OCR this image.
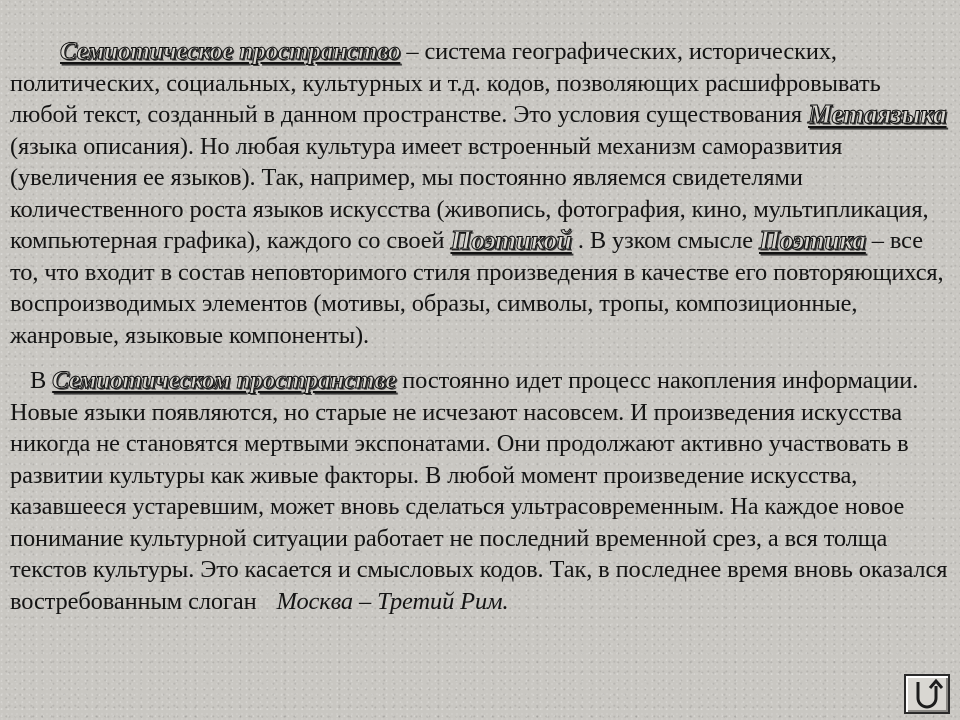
Семиотическое пространство – система географических, исторических, политических, социальных, культурных и т.д. кодов, позволяющих расшифровывать любой текст, созданный в данном пространстве. Это условия существования Метаязыка (языка описания). Но любая культура имеет встроенный механизм саморазвития (увеличения ее языков). Так, например, мы постоянно являемся свидетелями количественного роста языков искусства (живопись, фотография, кино, мультипликация, компьютерная графика), каждого со своей Поэтикой . В узком смысле Поэтика – все то, что входит в состав неповторимого стиля произведения в качестве его повторяющихся, воспроизводимых элементов (мотивы, образы, символы, тропы, композиционные, жанровые, языковые компоненты).

В Семиотическом пространстве постоянно идет процесс накопления информации. Новые языки появляются, но старые не исчезают насовсем. И произведения искусства никогда не становятся мертвыми экспонатами. Они продолжают активно участвовать в развитии культуры как живые факторы. В любой момент произведение искусства, казавшееся устаревшим, может вновь сделаться ультрасовременным. На каждое новое понимание культурной ситуации работает не последний временной срез, а вся толща текстов культуры. Это касается и смысловых кодов. Так, в последнее время вновь оказался востребованным слоган Москва – Третий Рим.
